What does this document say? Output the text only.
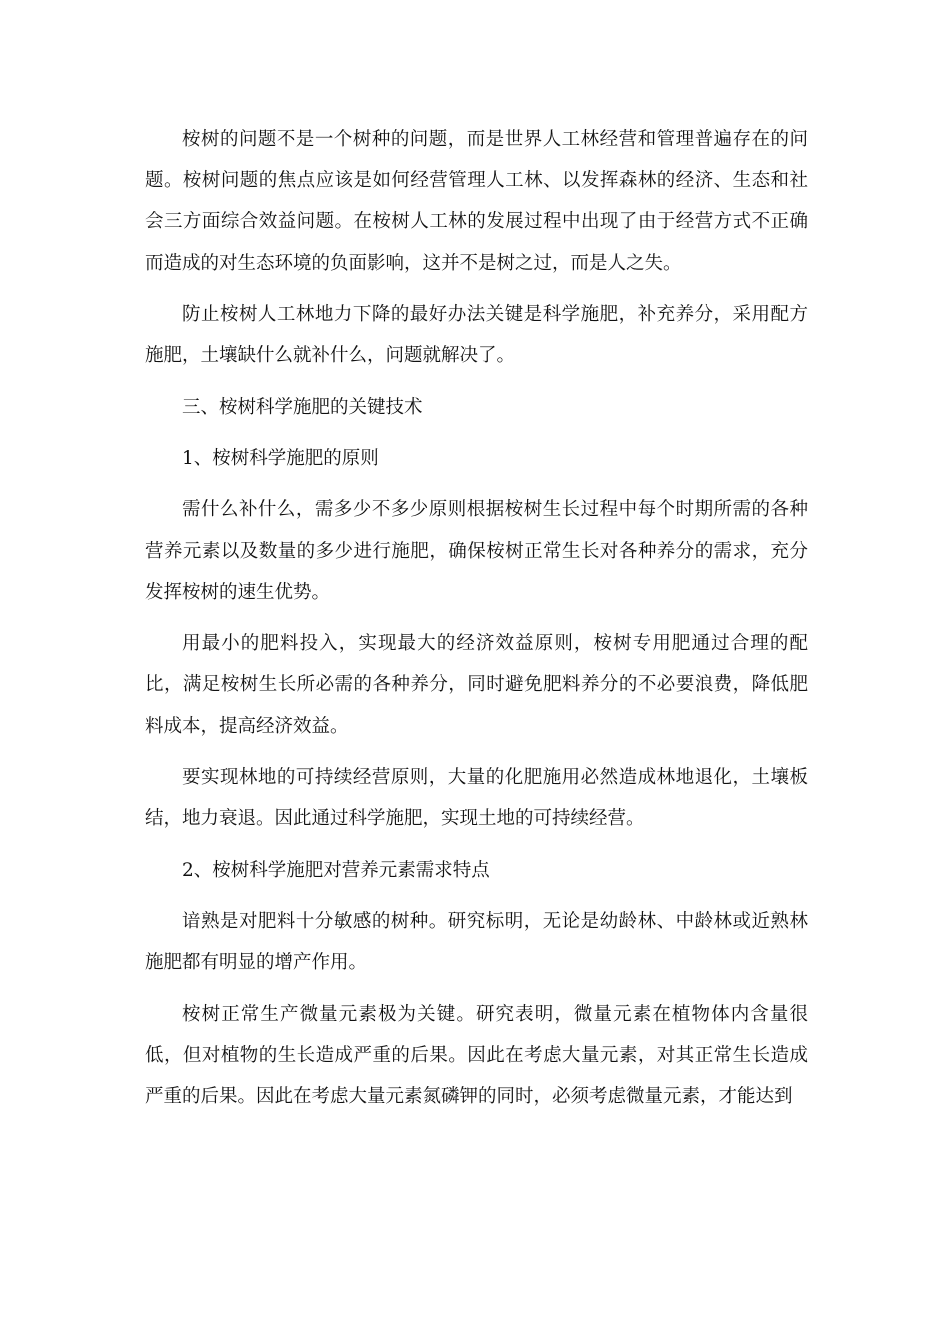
桉树的问题不是一个树种的问题，而是世界人工林经营和管理普遍存在的问题。桉树问题的焦点应该是如何经营管理人工林、以发挥森林的经济、生态和社会三方面综合效益问题。在桉树人工林的发展过程中出现了由于经营方式不正确而造成的对生态环境的负面影响，这并不是树之过，而是人之失。

防止桉树人工林地力下降的最好办法关键是科学施肥，补充养分，采用配方施肥，土壤缺什么就补什么，问题就解决了。

三、桉树科学施肥的关键技术

1、桉树科学施肥的原则

需什么补什么，需多少不多少原则根据桉树生长过程中每个时期所需的各种营养元素以及数量的多少进行施肥，确保桉树正常生长对各种养分的需求，充分发挥桉树的速生优势。

用最小的肥料投入，实现最大的经济效益原则，桉树专用肥通过合理的配比，满足桉树生长所必需的各种养分，同时避免肥料养分的不必要浪费，降低肥料成本，提高经济效益。

要实现林地的可持续经营原则，大量的化肥施用必然造成林地退化，土壤板结，地力衰退。因此通过科学施肥，实现土地的可持续经营。

2、桉树科学施肥对营养元素需求特点

谙熟是对肥料十分敏感的树种。研究标明，无论是幼龄林、中龄林或近熟林施肥都有明显的增产作用。

桉树正常生产微量元素极为关键。研究表明，微量元素在植物体内含量很低，但对植物的生长造成严重的后果。因此在考虑大量元素，对其正常生长造成严重的后果。因此在考虑大量元素氮磷钾的同时，必须考虑微量元素，才能达到
